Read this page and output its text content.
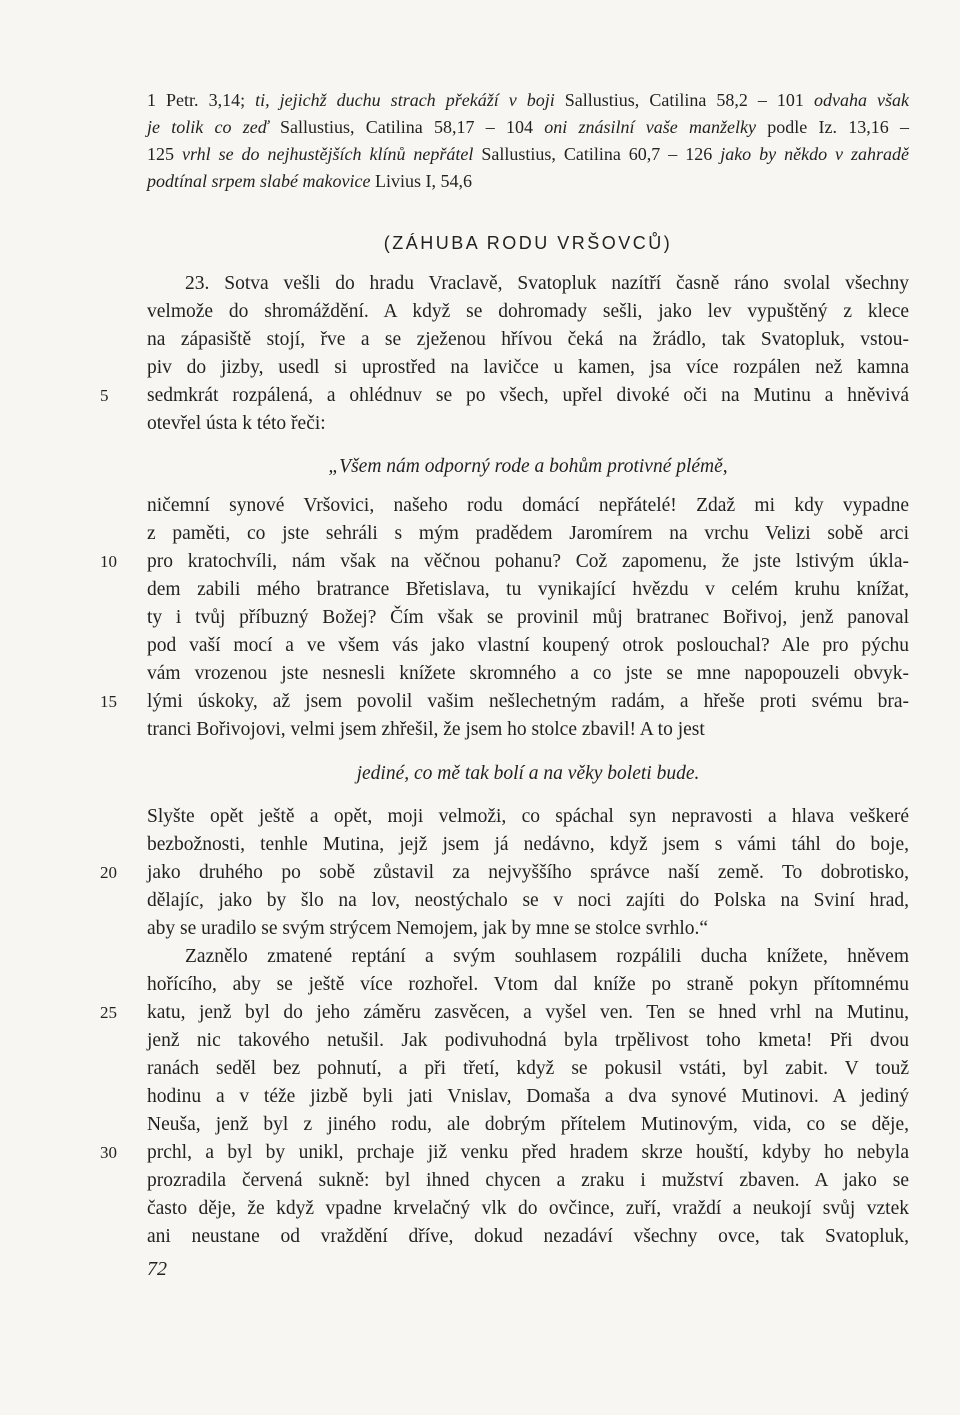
1 Petr. 3,14; ti, jejichž duchu strach překáží v boji Sallustius, Catilina 58,2 – 101 odvaha však
je tolik co zeď Sallustius, Catilina 58,17 – 104 oni znásilní vaše manželky podle Iz. 13,16 –
125 vrhl se do nejhustějších klínů nepřátel Sallustius, Catilina 60,7 – 126 jako by někdo v zahradě
podtínal srpem slabé makovice Livius I, 54,6
(ZÁHUBA RODU VRŠOVCŮ)
23. Sotva vešli do hradu Vraclavě, Svatopluk nazítří časně ráno svolal všechny
velmože do shromáždění. A když se dohromady sešli, jako lev vypuštěný z klece
na zápasiště stojí, řve a se zježenou hřívou čeká na žrádlo, tak Svatopluk, vstou-
piv do jizby, usedl si uprostřed na lavičce u kamen, jsa více rozpálen než kamna
sedmkrát rozpálená, a ohlédnuv se po všech, upřel divoké oči na Mutinu a hněvivá
otevřel ústa k této řeči:
„Všem nám odporný rode a bohům protivné plémě,
ničemní synové Vršovici, našeho rodu domácí nepřátelé! Zdaž mi kdy vypadne
z paměti, co jste sehráli s mým pradědem Jaromírem na vrchu Velizi sobě arci
pro kratochvíli, nám však na věčnou pohanu? Což zapomenu, že jste lstivým úkla-
dem zabili mého bratrance Břetislava, tu vynikající hvězdu v celém kruhu knížat,
ty i tvůj příbuzný Božej? Čím však se provinil můj bratranec Bořivoj, jenž panoval
pod vaší mocí a ve všem vás jako vlastní koupený otrok poslouchal? Ale pro pýchu
vám vrozenou jste nesnesli knížete skromného a co jste se mne napopouzeli obvyk-
lými úskoky, až jsem povolil vašim nešlechetným radám, a hřeše proti svému bra-
tranci Bořivojovi, velmi jsem zhřešil, že jsem ho stolce zbavil! A to jest
jediné, co mě tak bolí a na věky boleti bude.
Slyšte opět ještě a opět, moji velmoži, co spáchal syn nepravosti a hlava veškeré
bezbožnosti, tenhle Mutina, jejž jsem já nedávno, když jsem s vámi táhl do boje,
jako druhého po sobě zůstavil za nejvyššího správce naší země. To dobrotisko,
dělajíc, jako by šlo na lov, neostýchalo se v noci zajíti do Polska na Sviní hrad,
aby se uradilo se svým strýcem Nemojem, jak by mne se stolce svrhlo.“
Zaznělo zmatené reptání a svým souhlasem rozpálili ducha knížete, hněvem
hořícího, aby se ještě více rozhořel. Vtom dal kníže po straně pokyn přítomnému
katu, jenž byl do jeho záměru zasvěcen, a vyšel ven. Ten se hned vrhl na Mutinu,
jenž nic takového netušil. Jak podivuhodná byla trpělivost toho kmeta! Při dvou
ranách seděl bez pohnutí, a při třetí, když se pokusil vstáti, byl zabit. V touž
hodinu a v téže jizbě byli jati Vnislav, Domaša a dva synové Mutinovi. A jediný
Neuša, jenž byl z jiného rodu, ale dobrým přítelem Mutinovým, vida, co se děje,
prchl, a byl by unikl, prchaje již venku před hradem skrze houští, kdyby ho nebyla
prozradila červená sukně: byl ihned chycen a zraku i mužství zbaven. A jako se
často děje, že když vpadne krvelačný vlk do ovčince, zuří, vraždí a neukojí svůj vztek
ani neustane od vraždění dříve, dokud nezadáví všechny ovce, tak Svatopluk,
5
10
15
20
25
30
72
